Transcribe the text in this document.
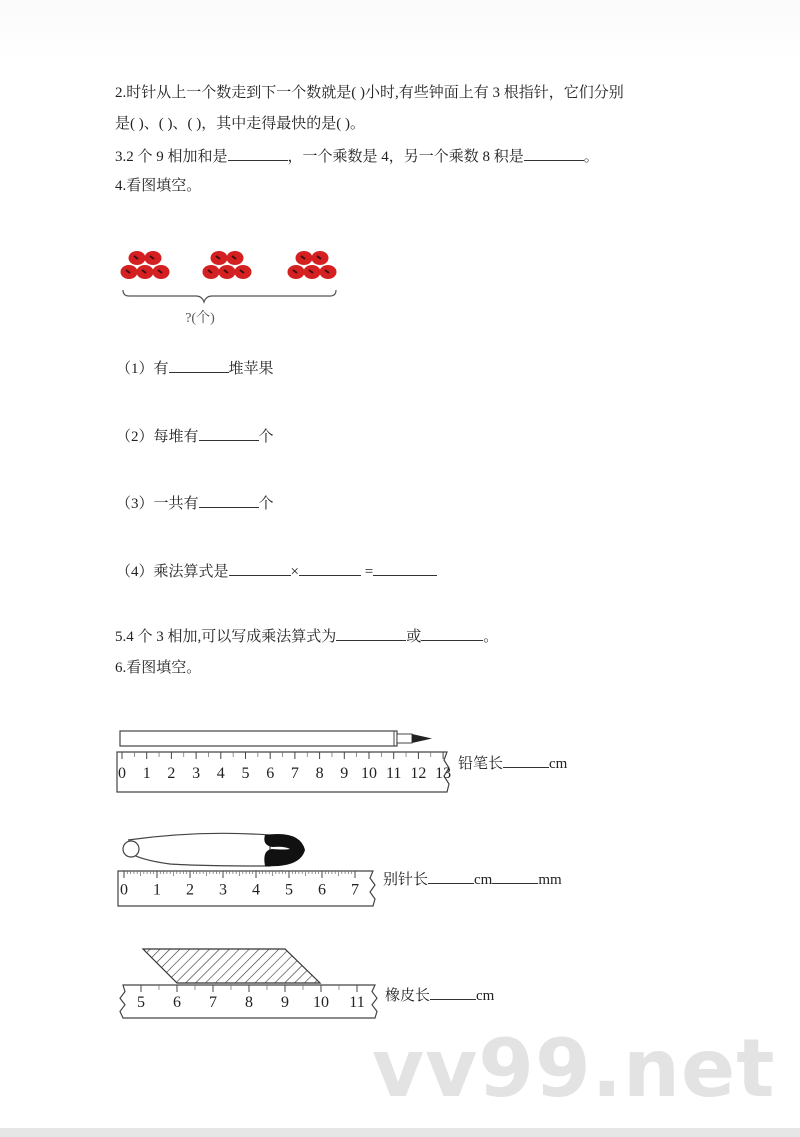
2.时针从上一个数走到下一个数就是( )小时,有些钟面上有 3 根指针，它们分别
是( )、( )、( )，其中走得最快的是( )。
3.2 个 9 相加和是	，一个乘数是 4，另一个乘数 8 积是	。
4.看图填空。
?(个)
（1）有	堆苹果
（2）每堆有	个
（3）一共有	个
（4）乘法算式是	×	=
5.4 个 3 相加,可以写成乘法算式为	或	。
6.看图填空。
0 1 2 3 4 5 6 7 8 9 10 11 12 13
0 1 2 3 4 5 6 7
5 6 7 8 9 10 11
铅笔长	cm
别针长	cm	mm
橡皮长	cm
vv99.net
